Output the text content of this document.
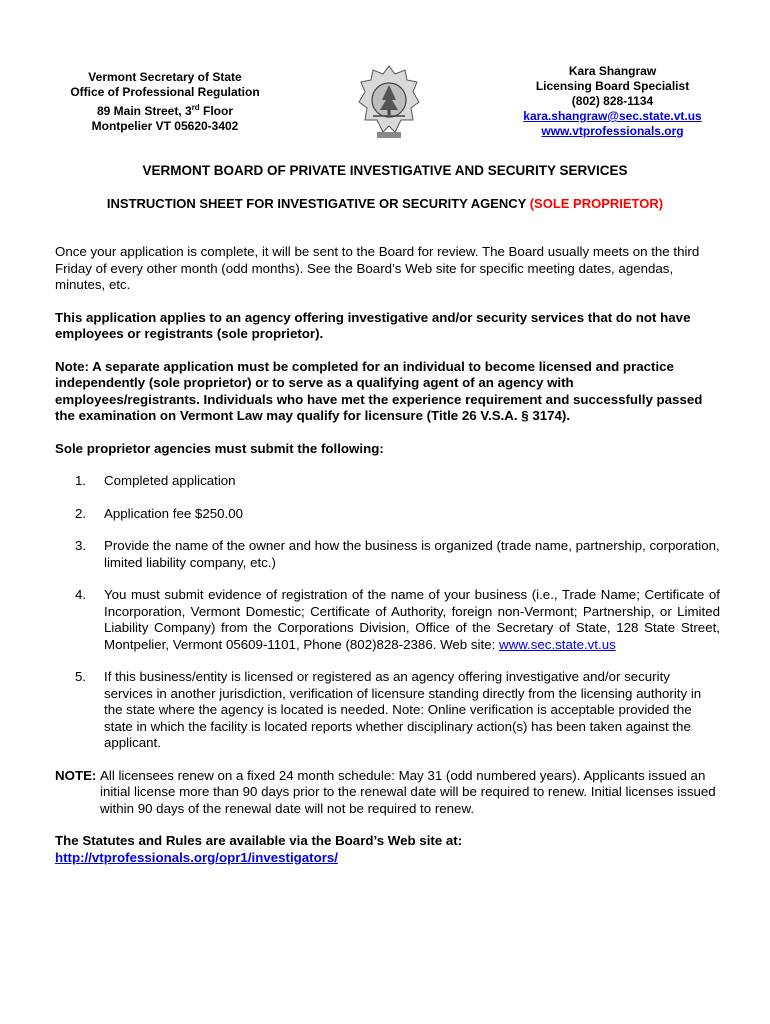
Vermont Secretary of State
Office of Professional Regulation
89 Main Street, 3rd Floor
Montpelier VT 05620-3402
Kara Shangraw
Licensing Board Specialist
(802) 828-1134
kara.shangraw@sec.state.vt.us
www.vtprofessionals.org
VERMONT BOARD OF PRIVATE INVESTIGATIVE AND SECURITY SERVICES
INSTRUCTION SHEET FOR INVESTIGATIVE OR SECURITY AGENCY (SOLE PROPRIETOR)

Once your application is complete, it will be sent to the Board for review. The Board usually meets on the third Friday of every other month (odd months). See the Board’s Web site for specific meeting dates, agendas, minutes, etc.

This application applies to an agency offering investigative and/or security services that do not have employees or registrants (sole proprietor).

Note: A separate application must be completed for an individual to become licensed and practice independently (sole proprietor) or to serve as a qualifying agent of an agency with employees/registrants. Individuals who have met the experience requirement and successfully passed the examination on Vermont Law may qualify for licensure (Title 26 V.S.A. § 3174).

Sole proprietor agencies must submit the following:

1. Completed application
2. Application fee $250.00
3. Provide the name of the owner and how the business is organized (trade name, partnership, corporation, limited liability company, etc.)
4. You must submit evidence of registration of the name of your business (i.e., Trade Name; Certificate of Incorporation, Vermont Domestic; Certificate of Authority, foreign non-Vermont; Partnership, or Limited Liability Company) from the Corporations Division, Office of the Secretary of State, 128 State Street, Montpelier, Vermont 05609-1101, Phone (802)828-2386. Web site: www.sec.state.vt.us
5. If this business/entity is licensed or registered as an agency offering investigative and/or security services in another jurisdiction, verification of licensure standing directly from the licensing authority in the state where the agency is located is needed. Note: Online verification is acceptable provided the state in which the facility is located reports whether disciplinary action(s) has been taken against the applicant.
NOTE: All licensees renew on a fixed 24 month schedule: May 31 (odd numbered years). Applicants issued an initial license more than 90 days prior to the renewal date will be required to renew. Initial licenses issued within 90 days of the renewal date will not be required to renew.
The Statutes and Rules are available via the Board’s Web site at:
http://vtprofessionals.org/opr1/investigators/
